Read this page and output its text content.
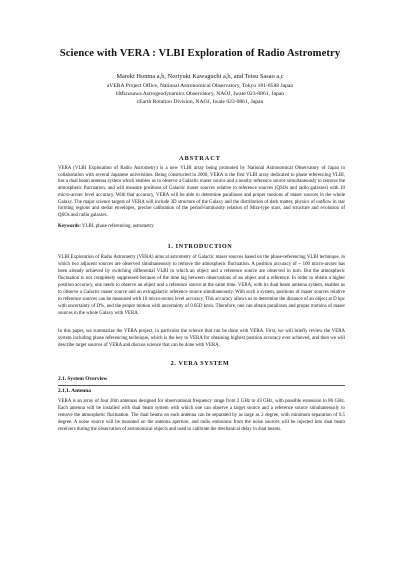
Science with VERA : VLBI Exploration of Radio Astrometry
Mareki Honma a,b, Noriyuki Kawaguchi a,b, and Tetsu Sasao a,c
aVERA Project Office, National Astronomical Observatory, Tokyo 181-8588 Japan
bMizusawa Astrogeodynamics Observatory, NAOJ, Iwate 023-0861, Japan
cEarth Rotation Division, NAOJ, Iwate 023-0861, Japan
ABSTRACT
VERA (VLBI Exploration of Radio Astrometry) is a new VLBI array being promoted by National Astronomical Observatory of Japan in collaboration with several Japanese universities. Being constructed in 2000, VERA is the first VLBI array dedicated to phase referencing VLBI, has a dual beam antenna system which enables us to observe a Galactic maser source and a nearby reference source simultaneously to remove the atmospheric fluctuation, and will measure positions of Galactic maser sources relative to reference sources (QSOs and radio galaxies) with 10 micro-arcsec level accuracy. With that accuracy, VERA will be able to determine parallaxes and proper motions of maser sources in the whole Galaxy. The major science targets of VERA will include 3D structure of the Galaxy and the distribution of dark matter, physics of outflow in star forming regions and stellar envelopes, precise calibration of the period-luminosity relation of Mira-type stars, and structure and evolution of QSOs and radio galaxies.
Keywords: VLBI, phase referencing, astrometry
1. INTRODUCTION
VLBI Exploration of Radio Astrometry (VERA) aims at astrometry of Galactic maser sources based on the phase-referencing VLBI technique, in which two adjacent sources are observed simultaneously to remove the atmospheric fluctuation. A position accuracy of ~ 100 micro-arcsec has been already achieved by switching differential VLBI in which an object and a reference source are observed in turn. But the atmospheric fluctuation is not completely suppressed because of the time lag between observations of an object and a reference. In order to obtain a higher position accuracy, one needs to observe an object and a reference source at the same time. VERA, with its dual beam antenna system, enables us to observe a Galactic maser source and an extragalactic reference source simultaneously. With such a system, positions of maser sources relative to reference sources can be measured with 10 micro-arcsec level accuracy. This accuracy allows us to determine the distance of an object at D kpc with uncertainty of D%, and the proper motion with uncertainty of 0.05D km/s. Therefore, one can obtain parallaxes and proper motions of maser sources in the whole Galaxy with VERA.
In this paper, we summarize the VERA project, in particular the science that can be done with VERA. First, we will briefly review the VERA system including phase referencing technique, which is the key to VERA for obtaining highest position accuracy ever achieved, and then we will describe target sources of VERA and discuss science that can be done with VERA.
2. VERA SYSTEM
2.1. System Overview
2.1.1. Antenna
VERA is an array of four 20m antennas designed for observational frequency range from 2 GHz to 43 GHz, with possible extension to 86 GHz. Each antenna will be installed with dual beam system with which one can observe a target source and a reference source simultaneously to remove the atmospheric fluctuation. The dual beams on each antenna can be separated by as large as 2 degree, with minimum separation of 0.5 degree. A noise source will be mounted on the antenna aperture, and radio emissions from the noise sources will be injected into dual beam receivers during the observation of astronomical objects and used to calibrate the mechanical delay in dual beams.
